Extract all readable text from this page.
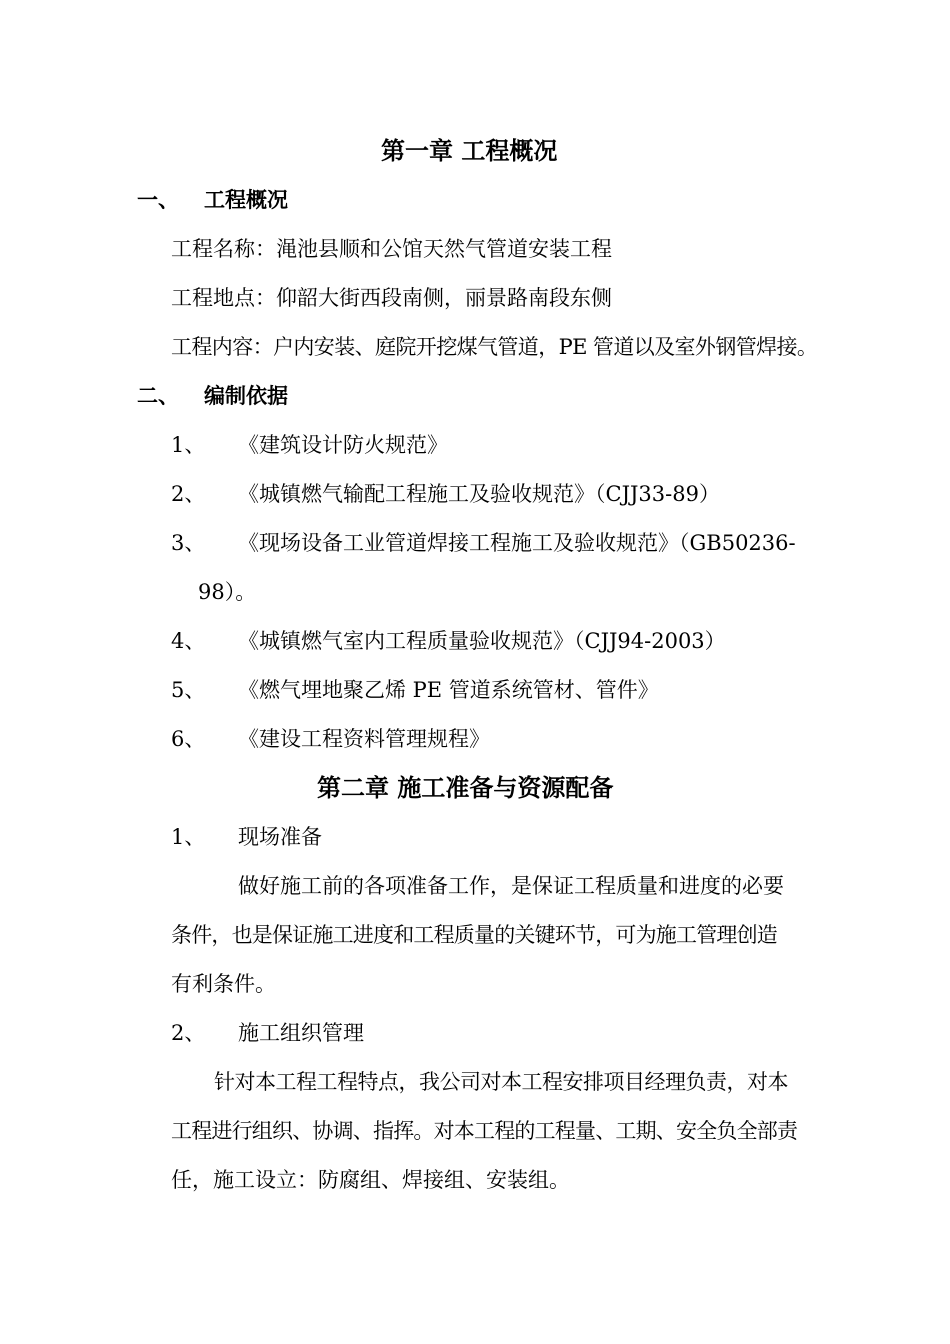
第一章 工程概况
一、 工程概况
工程名称：渑池县顺和公馆天然气管道安装工程
工程地点：仰韶大街西段南侧，丽景路南段东侧
工程内容：户内安装、庭院开挖煤气管道，PE 管道以及室外钢管焊接。
二、 编制依据
1、 《建筑设计防火规范》
2、 《城镇燃气输配工程施工及验收规范》（CJJ33-89）
3、 《现场设备工业管道焊接工程施工及验收规范》（GB50236-
98）。
4、 《城镇燃气室内工程质量验收规范》（CJJ94-2003）
5、 《燃气埋地聚乙烯 PE 管道系统管材、管件》
6、 《建设工程资料管理规程》
第二章 施工准备与资源配备
1、 现场准备
做好施工前的各项准备工作，是保证工程质量和进度的必要
条件，也是保证施工进度和工程质量的关键环节，可为施工管理创造
有利条件。
2、 施工组织管理
针对本工程工程特点，我公司对本工程安排项目经理负责，对本
工程进行组织、协调、指挥。对本工程的工程量、工期、安全负全部责
任，施工设立：防腐组、焊接组、安装组。
